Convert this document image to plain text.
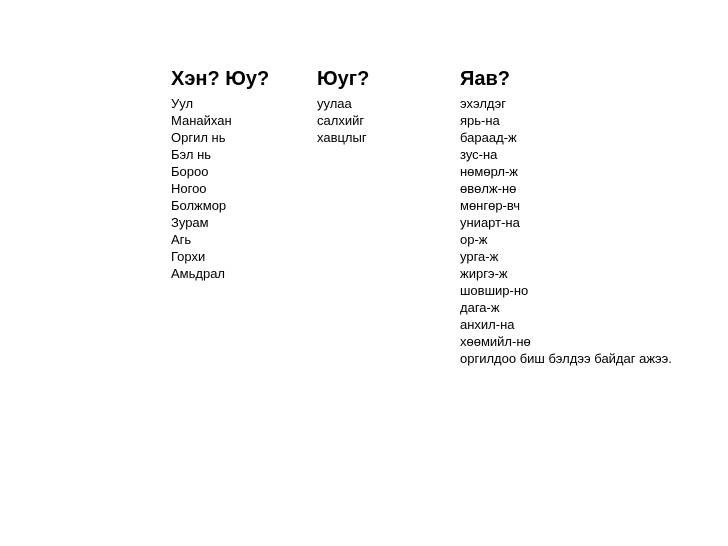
Хэн? Юу?
Уул
Манайхан
Оргил нь
Бэл нь
Бороо
Ногоо
Болжмор
Зурам
Агь
Горхи
Амьдрал
Юуг?
уулаа
салхийг
хавцлыг
Яав?
эхэлдэг
ярь-на
бараад-ж
зус-на
нөмөрл-ж
өвөлж-нө
мөнгөр-вч
униарт-на
ор-ж
урга-ж
жиргэ-ж
шовшир-но
дага-ж
анхил-на
хөөмийл-нө
оргилдоо биш бэлдээ байдаг ажээ.
